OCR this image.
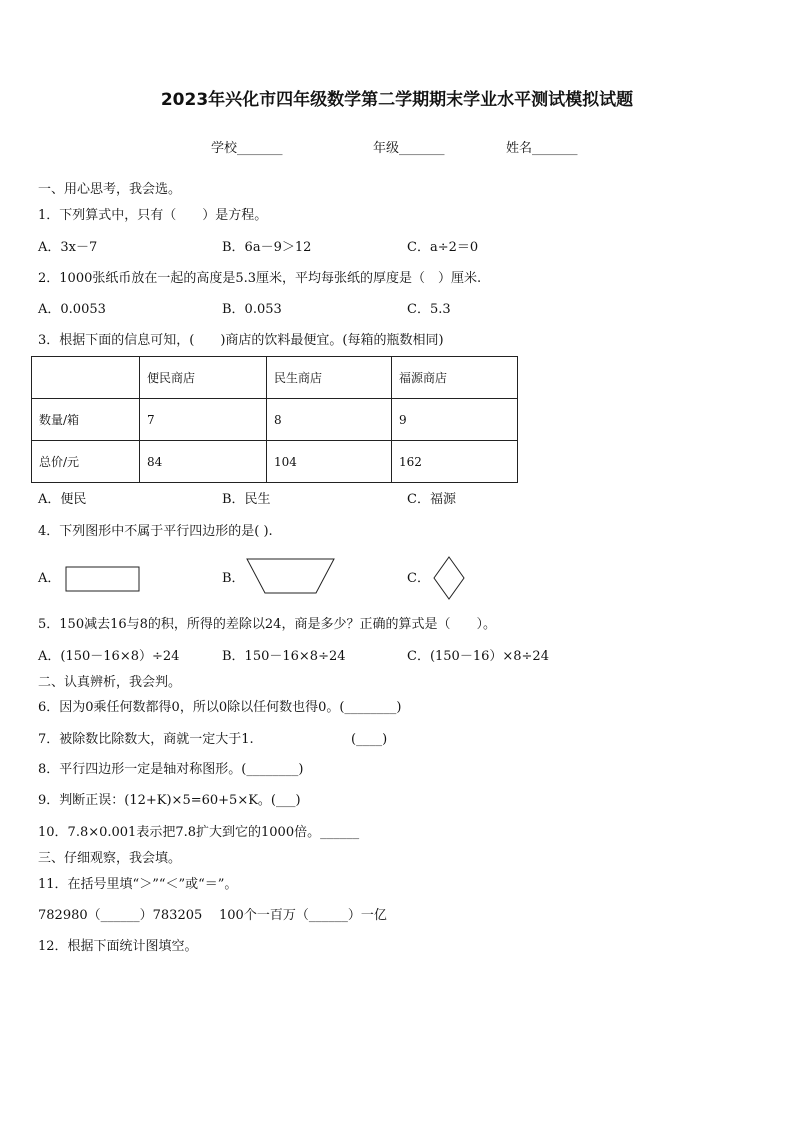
2023年兴化市四年级数学第二学期期末学业水平测试模拟试题
学校_______	年级_______	姓名_______
一、用心思考，我会选。
1．下列算式中，只有（　　）是方程。
A．3x－7	B．6a－9＞12	C．a÷2＝0
2．1000张纸币放在一起的高度是5.3厘米，平均每张纸的厚度是（　）厘米.
A．0.0053	B．0.053	C．5.3
3．根据下面的信息可知，(　　)商店的饮料最便宜。(每箱的瓶数相同)
	便民商店	民生商店	福源商店
数量/箱	7	8	9
总价/元	84	104	162
A．便民	B．民生	C．福源
4．下列图形中不属于平行四边形的是( ).
A．	B．	C．
5．150减去16与8的积，所得的差除以24，商是多少？正确的算式是（　　）。
A．(150－16×8）÷24	B．150－16×8÷24	C．(150－16）×8÷24
二、认真辨析，我会判。
6．因为0乘任何数都得0，所以0除以任何数也得0。(________)
7．被除数比除数大，商就一定大于1.	(____)
8．平行四边形一定是轴对称图形。(________)
9．判断正误：(12+K)×5=60+5×K。(___)
10．7.8×0.001表示把7.8扩大到它的1000倍。______
三、仔细观察，我会填。
11．在括号里填“＞”“＜”或“＝”。
782980（______）783205 100个一百万（______）一亿
12．根据下面统计图填空。
